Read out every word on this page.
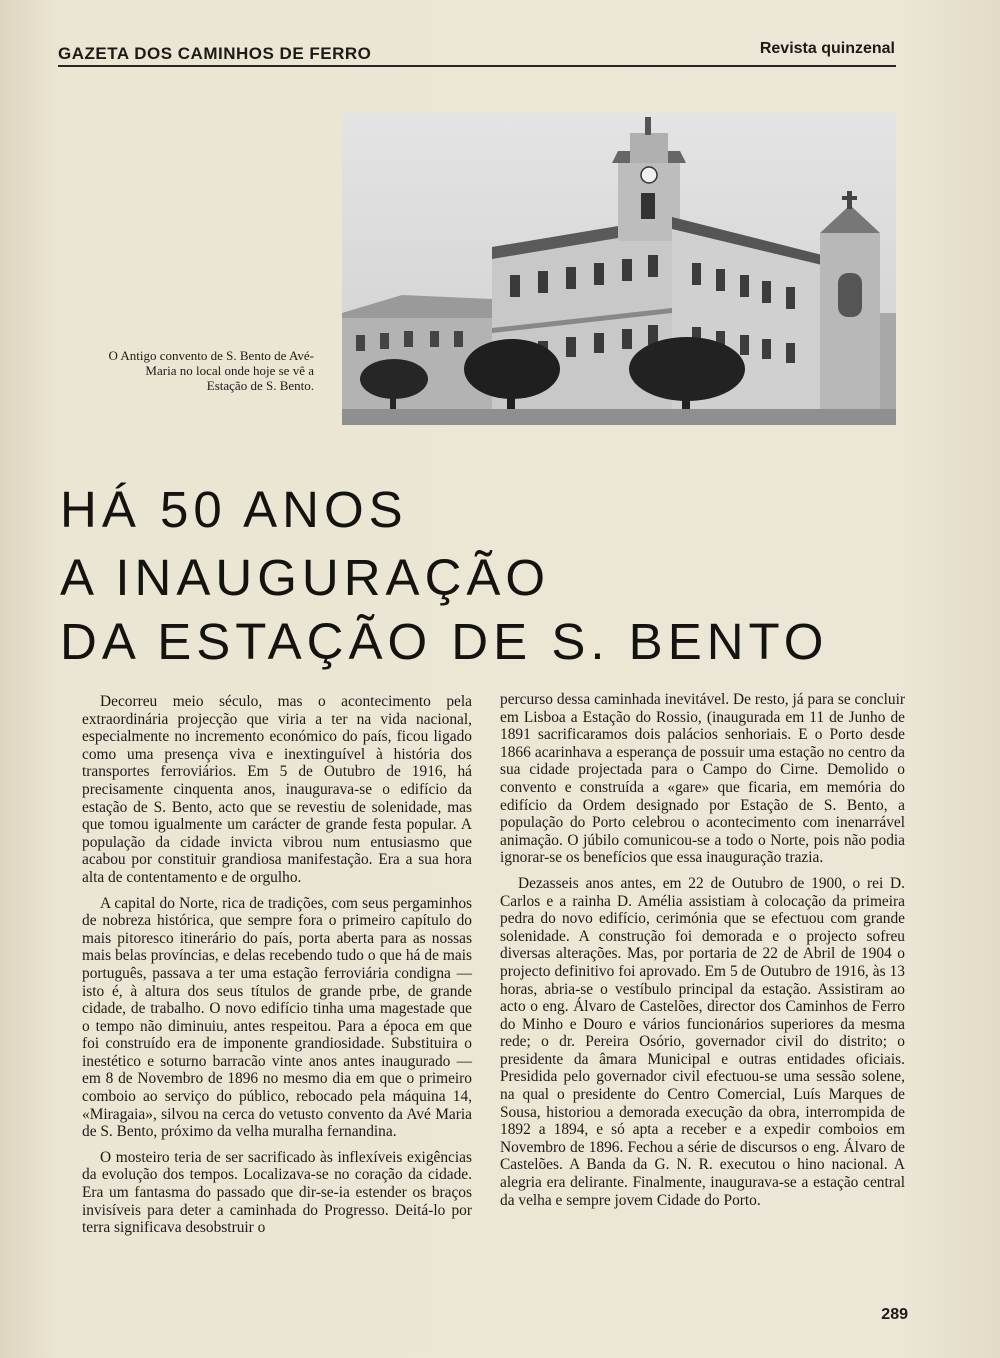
GAZETA DOS CAMINHOS DE FERRO	Revista quinzenal
O Antigo convento de S. Bento de Avé-Maria no local onde hoje se vê a Estação de S. Bento.
HÁ 50 ANOS
A INAUGURAÇÃO
DA ESTAÇÃO DE S. BENTO

Decorreu meio século, mas o acontecimento pela extraordinária projecção que viria a ter na vida nacional, especialmente no incremento económico do país, ficou ligado como uma presença viva e inextinguível à história dos transportes ferroviários. Em 5 de Outubro de 1916, há precisamente cinquenta anos, inaugurava-se o edifício da estação de S. Bento, acto que se revestiu de solenidade, mas que tomou igualmente um carácter de grande festa popular. A população da cidade invicta vibrou num entusiasmo que acabou por constituir grandiosa manifestação. Era a sua hora alta de contentamento e de orgulho.

A capital do Norte, rica de tradições, com seus pergaminhos de nobreza histórica, que sempre fora o primeiro capítulo do mais pitoresco itinerário do país, porta aberta para as nossas mais belas províncias, e delas recebendo tudo o que há de mais português, passava a ter uma estação ferroviária condigna — isto é, à altura dos seus títulos de grande prbe, de grande cidade, de trabalho. O novo edifício tinha uma magestade que o tempo não diminuiu, antes respeitou. Para a época em que foi construído era de imponente grandiosidade. Substituira o inestético e soturno barracão vinte anos antes inaugurado — em 8 de Novembro de 1896 no mesmo dia em que o primeiro comboio ao serviço do público, rebocado pela máquina 14, «Miragaia», silvou na cerca do vetusto convento da Avé Maria de S. Bento, próximo da velha muralha fernandina.

O mosteiro teria de ser sacrificado às inflexíveis exigências da evolução dos tempos. Localizava-se no coração da cidade. Era um fantasma do passado que dir-se-ia estender os braços invisíveis para deter a caminhada do Progresso. Deitá-lo por terra significava desobstruir o

percurso dessa caminhada inevitável. De resto, já para se concluir em Lisboa a Estação do Rossio, (inaugurada em 11 de Junho de 1891 sacrificaramos dois palácios senhoriais. E o Porto desde 1866 acarinhava a esperança de possuir uma estação no centro da sua cidade projectada para o Campo do Cirne. Demolido o convento e construída a «gare» que ficaria, em memória do edifício da Ordem designado por Estação de S. Bento, a população do Porto celebrou o acontecimento com inenarrável animação. O júbilo comunicou-se a todo o Norte, pois não podia ignorar-se os benefícios que essa inauguração trazia.

Dezasseis anos antes, em 22 de Outubro de 1900, o rei D. Carlos e a rainha D. Amélia assistiam à colocação da primeira pedra do novo edifício, cerimónia que se efectuou com grande solenidade. A construção foi demorada e o projecto sofreu diversas alterações. Mas, por portaria de 22 de Abril de 1904 o projecto definitivo foi aprovado. Em 5 de Outubro de 1916, às 13 horas, abria-se o vestíbulo principal da estação. Assistiram ao acto o eng. Álvaro de Castelões, director dos Caminhos de Ferro do Minho e Douro e vários funcionários superiores da mesma rede; o dr. Pereira Osório, governador civil do distrito; o presidente da âmara Municipal e outras entidades oficiais. Presidida pelo governador civil efectuou-se uma sessão solene, na qual o presidente do Centro Comercial, Luís Marques de Sousa, historiou a demorada execução da obra, interrompida de 1892 a 1894, e só apta a receber e a expedir comboios em Novembro de 1896. Fechou a série de discursos o eng. Álvaro de Castelões. A Banda da G. N. R. executou o hino nacional. A alegria era delirante. Finalmente, inaugurava-se a estação central da velha e sempre jovem Cidade do Porto.

289
